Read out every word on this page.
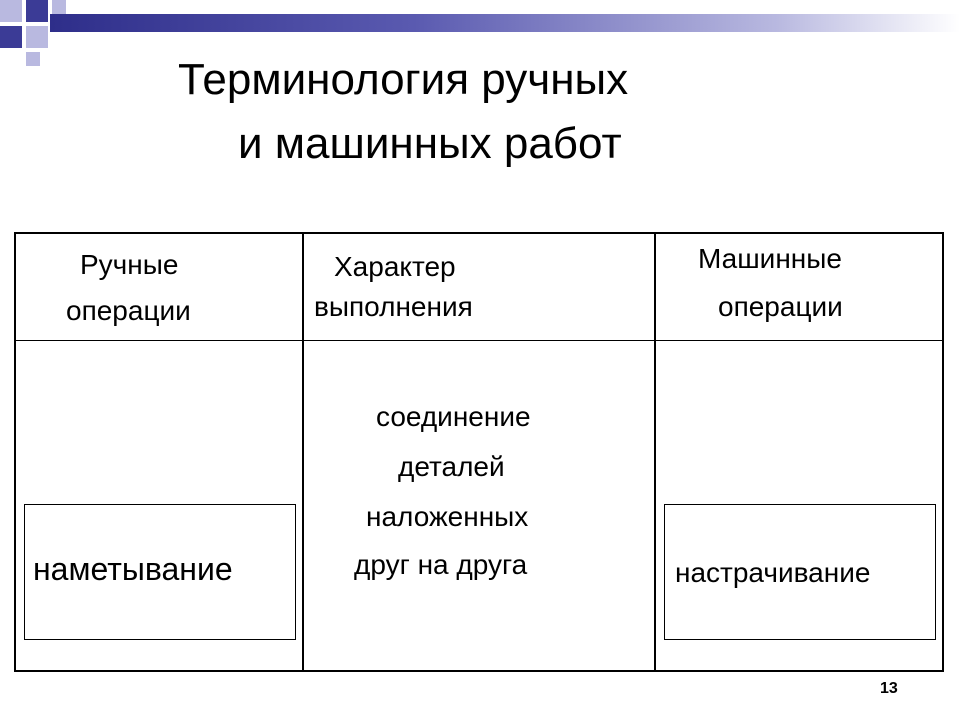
Терминология ручных
и машинных работ
Ручные
операции
Характер
выполнения
Машинные
операции
соединение
деталей
наложенных
друг на друга
наметывание	настрачивание
13
